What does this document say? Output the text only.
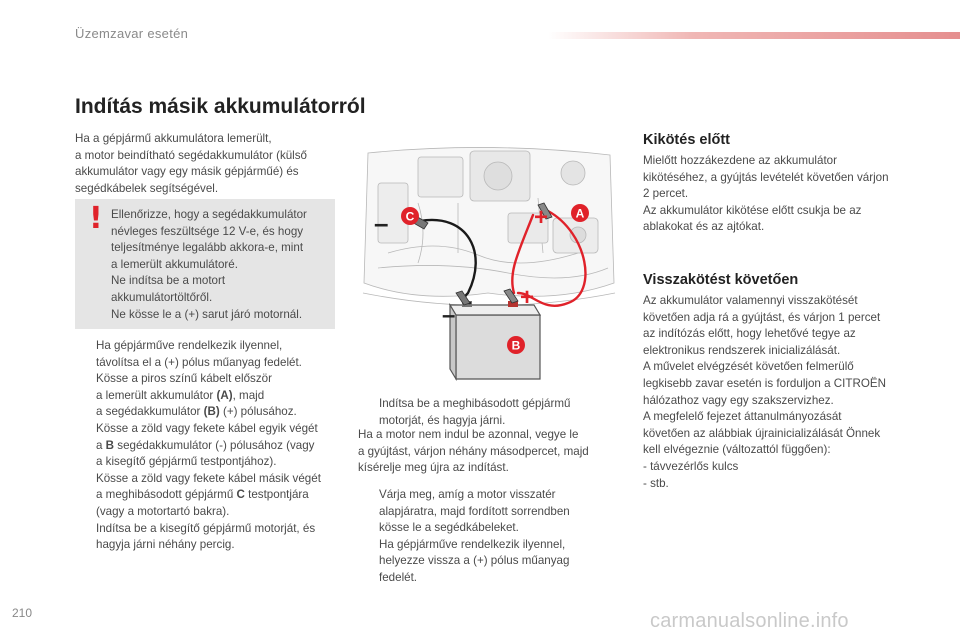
Üzemzavar esetén
Indítás másik akkumulátorról
Ha a gépjármű akkumulátora lemerült,
a motor beindítható segédakkumulátor (külső
akkumulátor vagy egy másik gépjárműé) és
segédkábelek segítségével.
! Ellenőrizze, hogy a segédakkumulátor
névleges feszültsége 12 V-e, és hogy
teljesítménye legalább akkora-e, mint
a lemerült akkumulátoré.
Ne indítsa be a motort
akkumulátortöltőről.
Ne kösse le a (+) sarut járó motornál.
Ha gépjárműve rendelkezik ilyennel,
távolítsa el a (+) pólus műanyag fedelét.
Kösse a piros színű kábelt először
a lemerült akkumulátor (A), majd
a segédakkumulátor (B) (+) pólusához.
Kösse a zöld vagy fekete kábel egyik végét
a B segédakkumulátor (-) pólusához (vagy
a kisegítő gépjármű testpontjához).
Kösse a zöld vagy fekete kábel másik végét
a meghibásodott gépjármű C testpontjára
(vagy a motortartó bakra).
Indítsa be a kisegítő gépjármű motorját, és
hagyja járni néhány percig.
–	+
–
+
C	A
B
Indítsa be a meghibásodott gépjármű
motorját, és hagyja járni.
Ha a motor nem indul be azonnal, vegye le
a gyújtást, várjon néhány másodpercet, majd
kísérelje meg újra az indítást.
Várja meg, amíg a motor visszatér
alapjáratra, majd fordított sorrendben
kösse le a segédkábeleket.
Ha gépjárműve rendelkezik ilyennel,
helyezze vissza a (+) pólus műanyag
fedelét.
Kikötés előtt
Mielőtt hozzákezdene az akkumulátor
kikötéséhez, a gyújtás levételét követően várjon
2 percet.
Az akkumulátor kikötése előtt csukja be az
ablakokat és az ajtókat.
Visszakötést követően
Az akkumulátor valamennyi visszakötését
követően adja rá a gyújtást, és várjon 1 percet
az indítózás előtt, hogy lehetővé tegye az
elektronikus rendszerek inicializálását.
A művelet elvégzését követően felmerülő
legkisebb zavar esetén is forduljon a CITROËN
hálózathoz vagy egy szakszervizhez.
A megfelelő fejezet áttanulmányozását
követően az alábbiak újrainicializálását Önnek
kell elvégeznie (változattól függően):
- távvezérlős kulcs
- stb.
210	carmanualsonline.info
